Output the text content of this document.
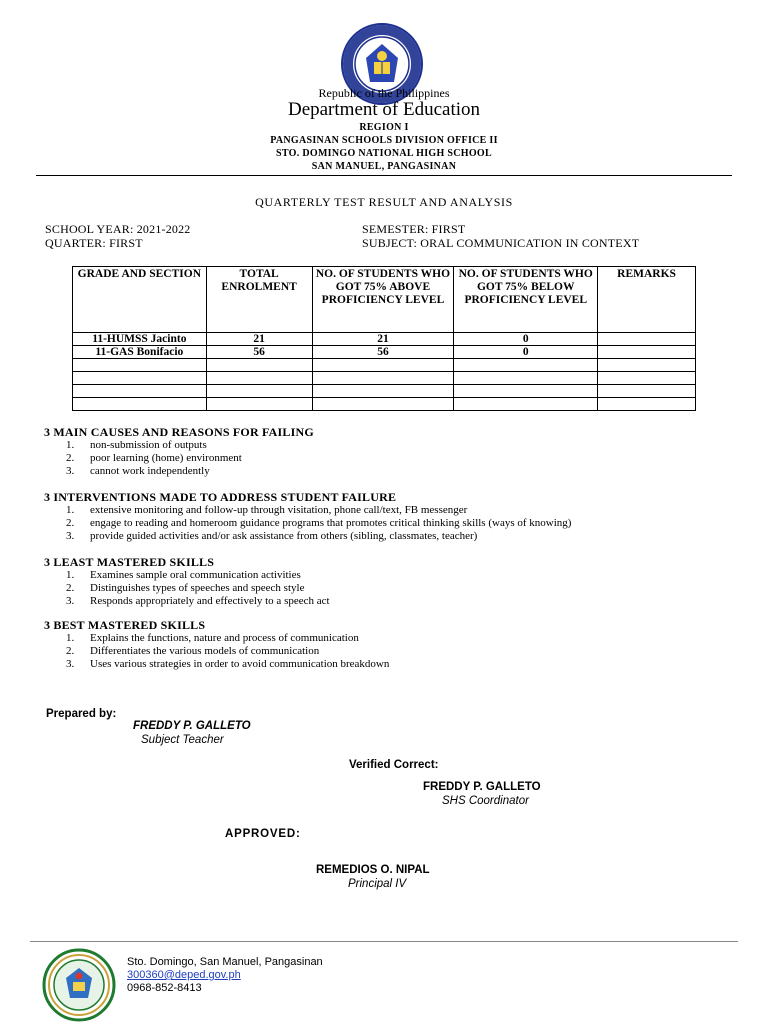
Republic of the Philippines
Department of Education
REGION I
PANGASINAN SCHOOLS DIVISION OFFICE II
STO. DOMINGO NATIONAL HIGH SCHOOL
SAN MANUEL, PANGASINAN
QUARTERLY TEST RESULT AND ANALYSIS
SCHOOL YEAR: 2021-2022
QUARTER: FIRST
SEMESTER: FIRST
SUBJECT: ORAL COMMUNICATION IN CONTEXT
GRADE AND SECTION	TOTAL ENROLMENT	NO. OF STUDENTS WHO GOT 75% ABOVE PROFICIENCY LEVEL	NO. OF STUDENTS WHO GOT 75% BELOW PROFICIENCY LEVEL	REMARKS
11-HUMSS Jacinto	21	21	0	
11-GAS Bonifacio	56	56	0	

3 MAIN CAUSES AND REASONS FOR FAILING
1.	non-submission of outputs
2.	poor learning (home) environment
3.	cannot work independently
3 INTERVENTIONS MADE TO ADDRESS STUDENT FAILURE
1.	extensive monitoring and follow-up through visitation, phone call/text, FB messenger
2.	engage to reading and homeroom guidance programs that promotes critical thinking skills (ways of knowing)
3.	provide guided activities and/or ask assistance from others (sibling, classmates, teacher)
3 LEAST MASTERED SKILLS
1.	Examines sample oral communication activities
2.	Distinguishes types of speeches and speech style
3.	Responds appropriately and effectively to a speech act
3 BEST MASTERED SKILLS
1.	Explains the functions, nature and process of communication
2.	Differentiates the various models of communication
3.	Uses various strategies in order to avoid communication breakdown
Prepared by:
FREDDY P. GALLETO
Subject Teacher
Verified Correct:
FREDDY P. GALLETO
SHS Coordinator
APPROVED:
REMEDIOS O. NIPAL
Principal IV
Sto. Domingo, San Manuel, Pangasinan
300360@deped.gov.ph
0968-852-8413
